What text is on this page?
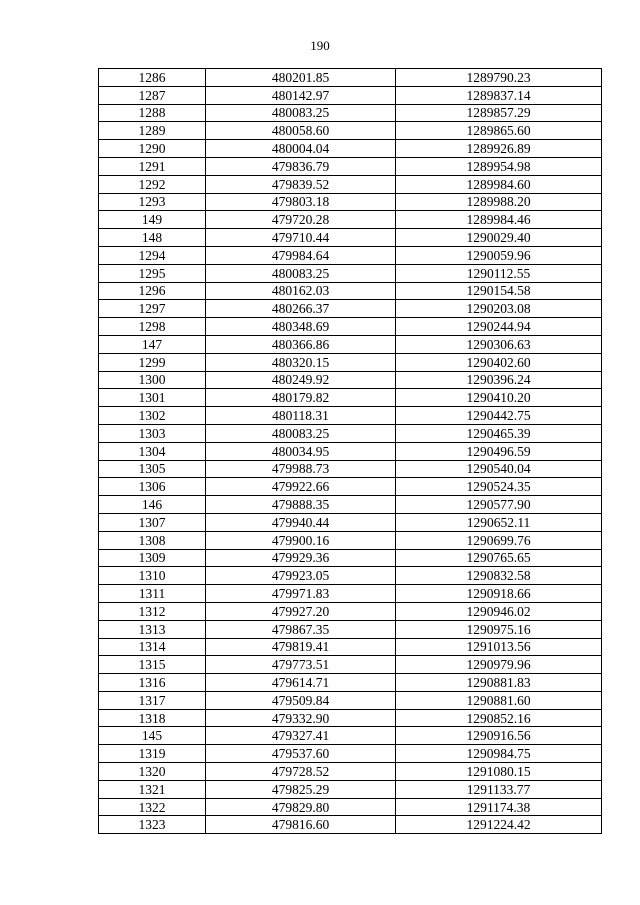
190
1286	480201.85	1289790.23
1287	480142.97	1289837.14
1288	480083.25	1289857.29
1289	480058.60	1289865.60
1290	480004.04	1289926.89
1291	479836.79	1289954.98
1292	479839.52	1289984.60
1293	479803.18	1289988.20
149	479720.28	1289984.46
148	479710.44	1290029.40
1294	479984.64	1290059.96
1295	480083.25	1290112.55
1296	480162.03	1290154.58
1297	480266.37	1290203.08
1298	480348.69	1290244.94
147	480366.86	1290306.63
1299	480320.15	1290402.60
1300	480249.92	1290396.24
1301	480179.82	1290410.20
1302	480118.31	1290442.75
1303	480083.25	1290465.39
1304	480034.95	1290496.59
1305	479988.73	1290540.04
1306	479922.66	1290524.35
146	479888.35	1290577.90
1307	479940.44	1290652.11
1308	479900.16	1290699.76
1309	479929.36	1290765.65
1310	479923.05	1290832.58
1311	479971.83	1290918.66
1312	479927.20	1290946.02
1313	479867.35	1290975.16
1314	479819.41	1291013.56
1315	479773.51	1290979.96
1316	479614.71	1290881.83
1317	479509.84	1290881.60
1318	479332.90	1290852.16
145	479327.41	1290916.56
1319	479537.60	1290984.75
1320	479728.52	1291080.15
1321	479825.29	1291133.77
1322	479829.80	1291174.38
1323	479816.60	1291224.42
